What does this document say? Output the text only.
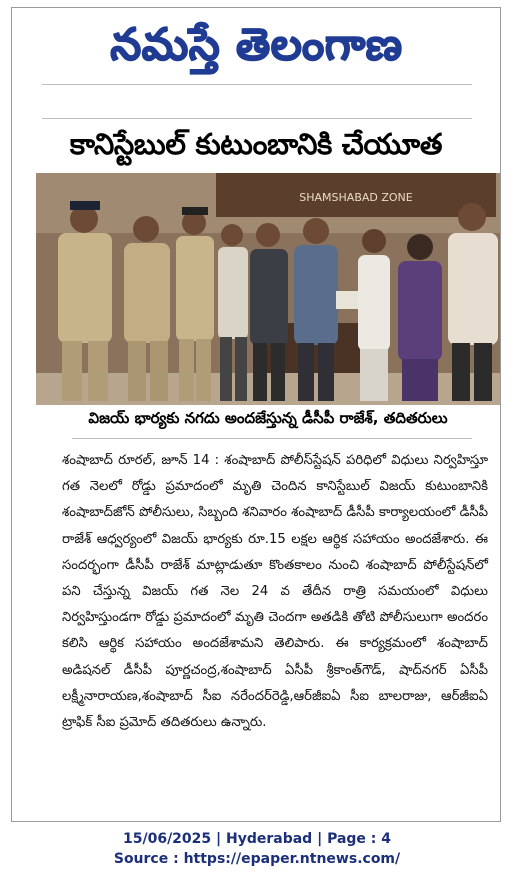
నమస్తే తెలంగాణ
కానిస్టేబుల్ కుటుంబానికి చేయూత
SHAMSHABAD ZONE
విజయ్ భార్యకు నగదు అందజేస్తున్న డీసీపీ రాజేశ్, తదితరులు

శంషాబాద్ రూరల్, జూన్ 14 : శంషాబాద్ పోలీస్‌స్టేషన్ పరిధిలో విధులు నిర్వహిస్తూ గత నెలలో రోడ్డు ప్రమాదంలో మృతి చెందిన కానిస్టేబుల్ విజయ్ కుటుంబానికి శంషాబాద్‌జోన్ పోలీసులు, సిబ్బంది శనివారం శంషాబాద్ డీసీపీ కార్యాలయంలో డీసీపీ రాజేశ్ ఆధ్వర్యంలో విజయ్ భార్యకు రూ.15 లక్షల ఆర్థిక సహాయం అందజేశారు. ఈ సందర్భంగా డీసీపీ రాజేశ్ మాట్లాడుతూ కొంతకాలం నుంచి శంషాబాద్ పోలీస్టేషన్‌లో పని చేస్తున్న విజయ్ గత నెల 24 వ తేదీన రాత్రి సమయంలో విధులు నిర్వహిస్తుండగా రోడ్డు ప్రమాదంలో మృతి చెందగా అతడికి తోటి పోలీసులుగా అందరం కలిసి ఆర్థిక సహాయం అందజేశామని తెలిపారు. ఈ కార్యక్రమంలో శంషాబాద్ అడిషనల్ డీసీపీ పూర్ణచంద్ర,శంషాబాద్ ఏసీపీ శ్రీకాంత్‌గౌడ్, షాద్‌నగర్ ఏసీపీ లక్ష్మీనారాయణ,శంషాబాద్ సీఐ నరేందర్‌రెడ్డి,ఆర్‌జీఐఏ సీఐ బాలరాజు, ఆర్‌జీఐఏ ట్రాఫిక్ సీఐ ప్రమోద్ తదితరులు ఉన్నారు.

15/06/2025 | Hyderabad | Page : 4
Source : https://epaper.ntnews.com/
